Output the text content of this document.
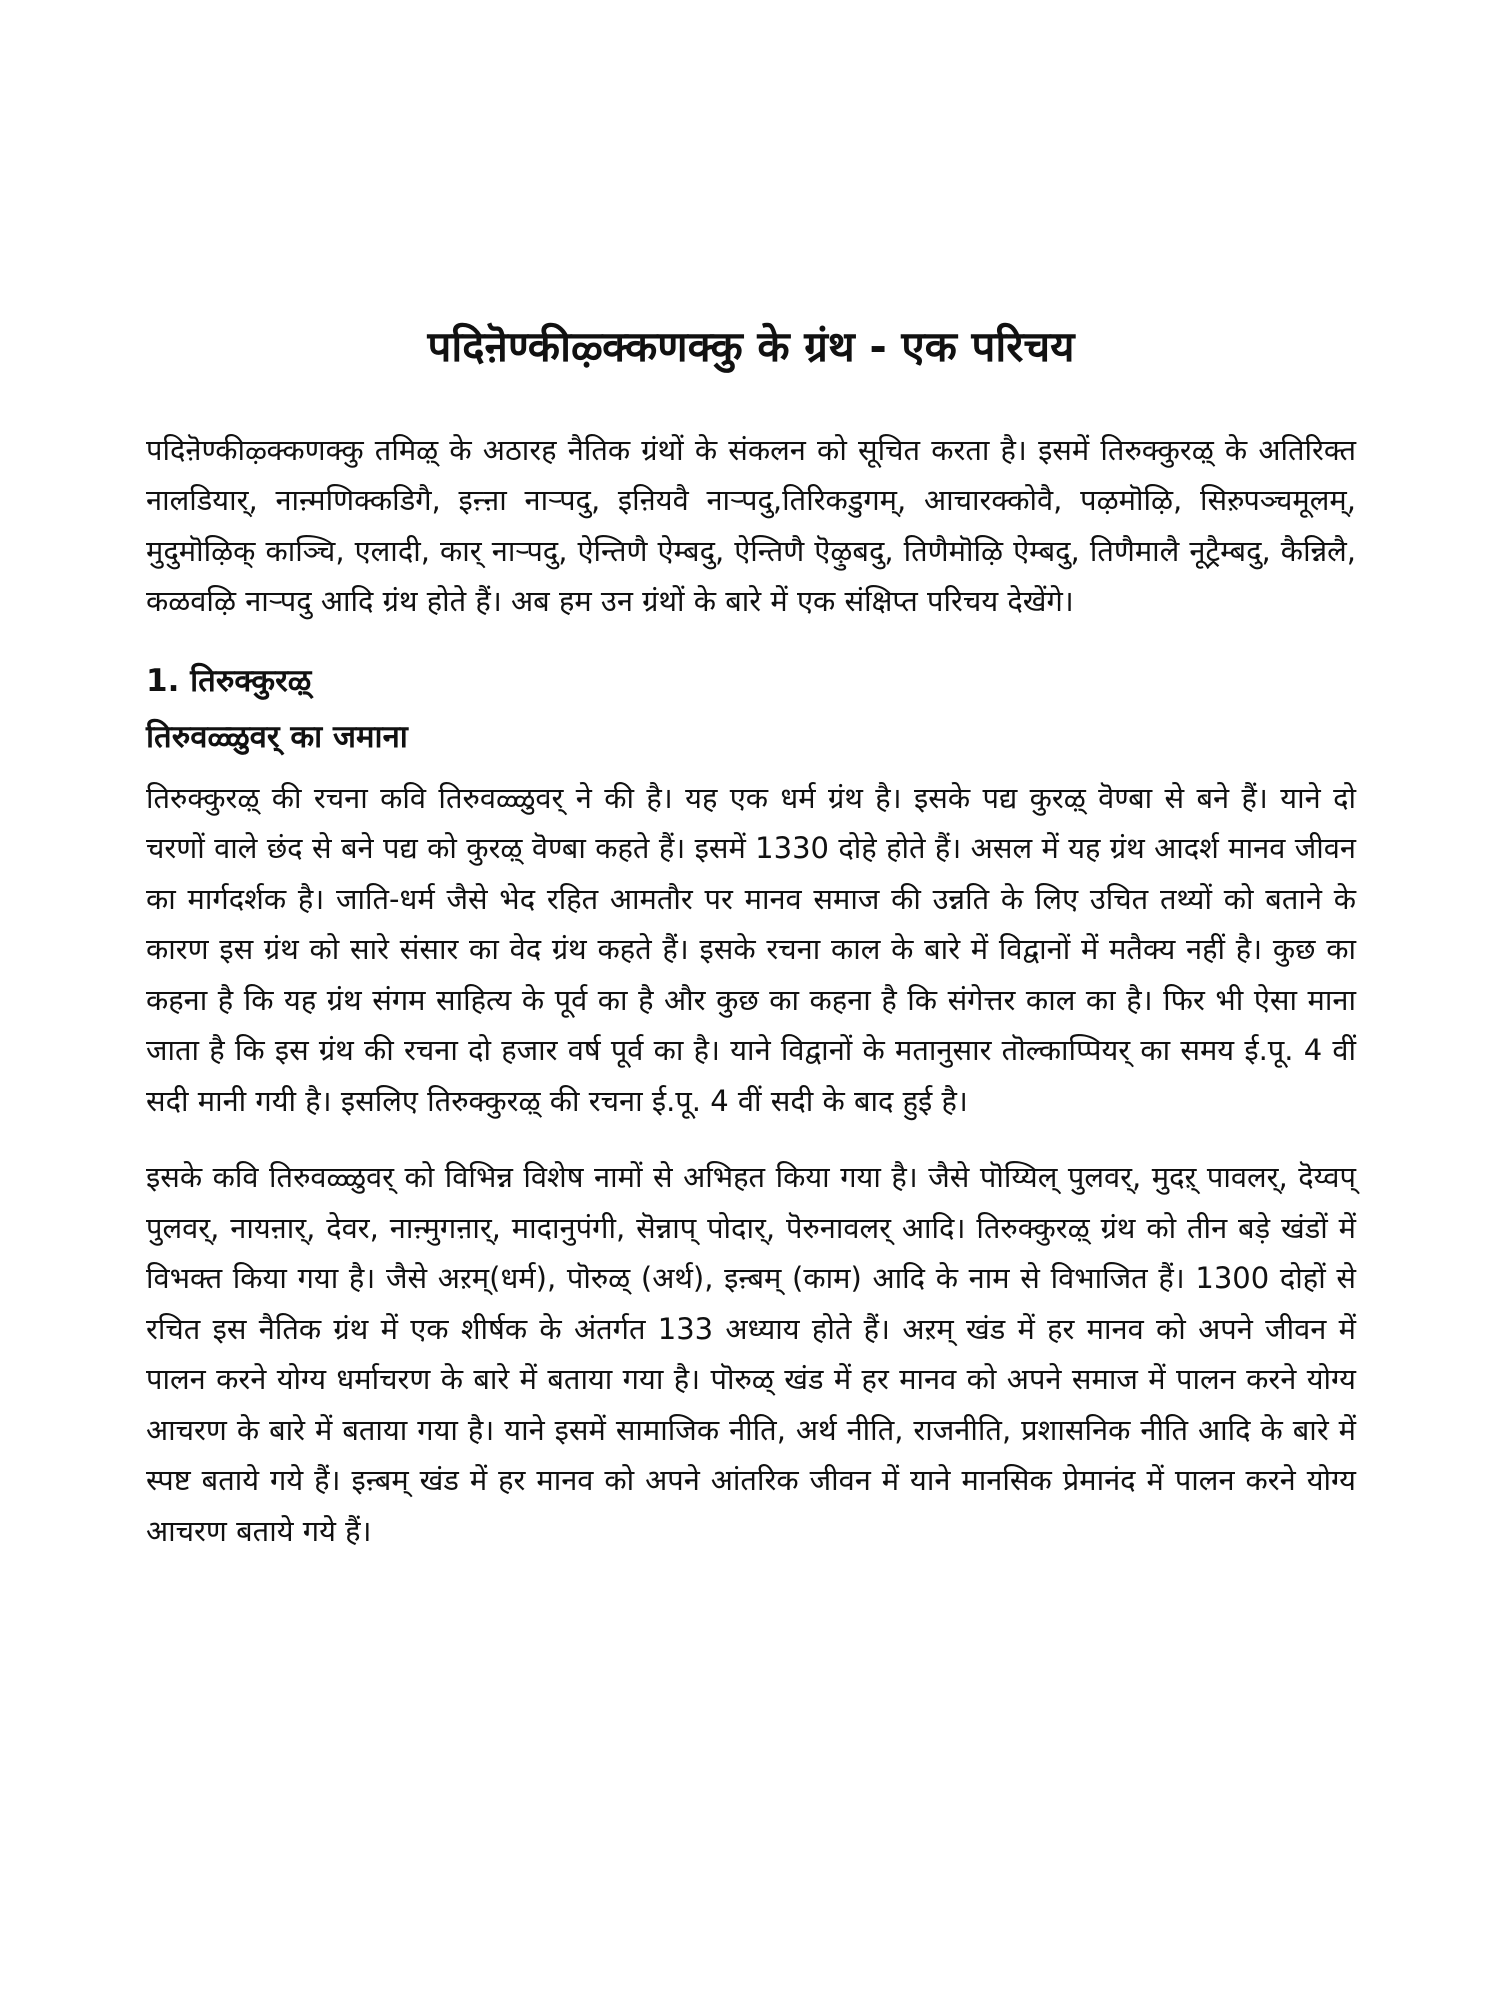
पदिऩॆण्कीऴ्क्कणक्कु के ग्रंथ - एक परिचय

पदिऩॆण्कीऴ्क्कणक्कु तमिऴ् के अठारह नैतिक ग्रंथों के संकलन को सूचित करता है। इसमें तिरुक्कुरऴ् के अतिरिक्त नालडियार्, नाऩ्मणिक्कडिगै, इऩ्ऩा नाऱ्पदु, इऩियवै नाऱ्पदु,तिरिकडुगम्, आचारक्कोवै, पऴमॊऴि, सिऱुपञ्चमूलम्, मुदुमॊऴिक् काञ्चि, एलादी, कार् नाऱ्पदु, ऐन्तिणै ऐम्बदु, ऐन्तिणै ऎऴुबदु, तिणैमॊऴि ऐम्बदु, तिणैमालै नूट्रैम्बदु, कैन्निलै, कळवऴि नाऱ्पदु आदि ग्रंथ होते हैं। अब हम उन ग्रंथों के बारे में एक संक्षिप्त परिचय देखेंगे।

1. तिरुक्कुरऴ्
तिरुवळ्ळुवर् का जमाना

तिरुक्कुरऴ् की रचना कवि तिरुवळ्ळुवर् ने की है। यह एक धर्म ग्रंथ है। इसके पद्य कुरऴ् वॆण्बा से बने हैं। याने दो चरणों वाले छंद से बने पद्य को कुरऴ् वॆण्बा कहते हैं। इसमें 1330 दोहे होते हैं। असल में यह ग्रंथ आदर्श मानव जीवन का मार्गदर्शक है। जाति-धर्म जैसे भेद रहित आमतौर पर मानव समाज की उन्नति के लिए उचित तथ्यों को बताने के कारण इस ग्रंथ को सारे संसार का वेद ग्रंथ कहते हैं। इसके रचना काल के बारे में विद्वानों में मतैक्य नहीं है। कुछ का कहना है कि यह ग्रंथ संगम साहित्य के पूर्व का है और कुछ का कहना है कि संगेत्तर काल का है। फिर भी ऐसा माना जाता है कि इस ग्रंथ की रचना दो हजार वर्ष पूर्व का है। याने विद्वानों के मतानुसार तॊल्काप्पियर् का समय ई.पू. 4 वीं सदी मानी गयी है। इसलिए तिरुक्कुरऴ् की रचना ई.पू. 4 वीं सदी के बाद हुई है।

इसके कवि तिरुवळ्ळुवर् को विभिन्न विशेष नामों से अभिहत किया गया है। जैसे पॊय्यिल् पुलवर्, मुदऱ् पावलर्, दॆय्वप् पुलवर्, नायऩार्, देवर, नाऩ्मुगऩार्, मादानुपंगी, सॆन्नाप् पोदार्, पॆरुनावलर् आदि। तिरुक्कुरऴ् ग्रंथ को तीन बड़े खंडों में विभक्त किया गया है। जैसे अऱम्(धर्म), पॊरुळ् (अर्थ), इऩ्बम् (काम) आदि के नाम से विभाजित हैं। 1300 दोहों से रचित इस नैतिक ग्रंथ में एक शीर्षक के अंतर्गत 133 अध्याय होते हैं। अऱम् खंड में हर मानव को अपने जीवन में पालन करने योग्य धर्माचरण के बारे में बताया गया है। पॊरुळ् खंड में हर मानव को अपने समाज में पालन करने योग्य आचरण के बारे में बताया गया है। याने इसमें सामाजिक नीति, अर्थ नीति, राजनीति, प्रशासनिक नीति आदि के बारे में स्पष्ट बताये गये हैं। इऩ्बम् खंड में हर मानव को अपने आंतरिक जीवन में याने मानसिक प्रेमानंद में पालन करने योग्य आचरण बताये गये हैं।
